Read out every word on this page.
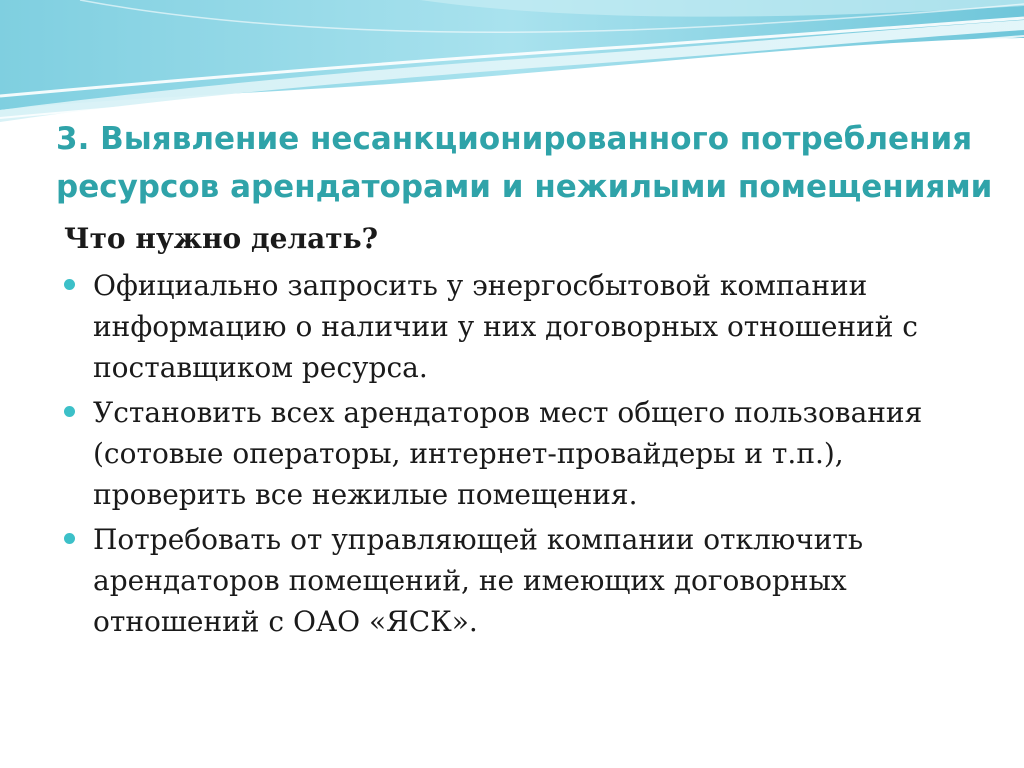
3. Выявление несанкционированного потребления ресурсов арендаторами и нежилыми помещениями
Что нужно делать?
Официально запросить у энергосбытовой компании информацию о наличии у них договорных отношений с поставщиком ресурса.
Установить всех арендаторов мест общего пользования (сотовые операторы, интернет-провайдеры и т.п.), проверить все нежилые помещения.
Потребовать от управляющей компании отключить арендаторов помещений, не имеющих договорных отношений с ОАО «ЯСК».
